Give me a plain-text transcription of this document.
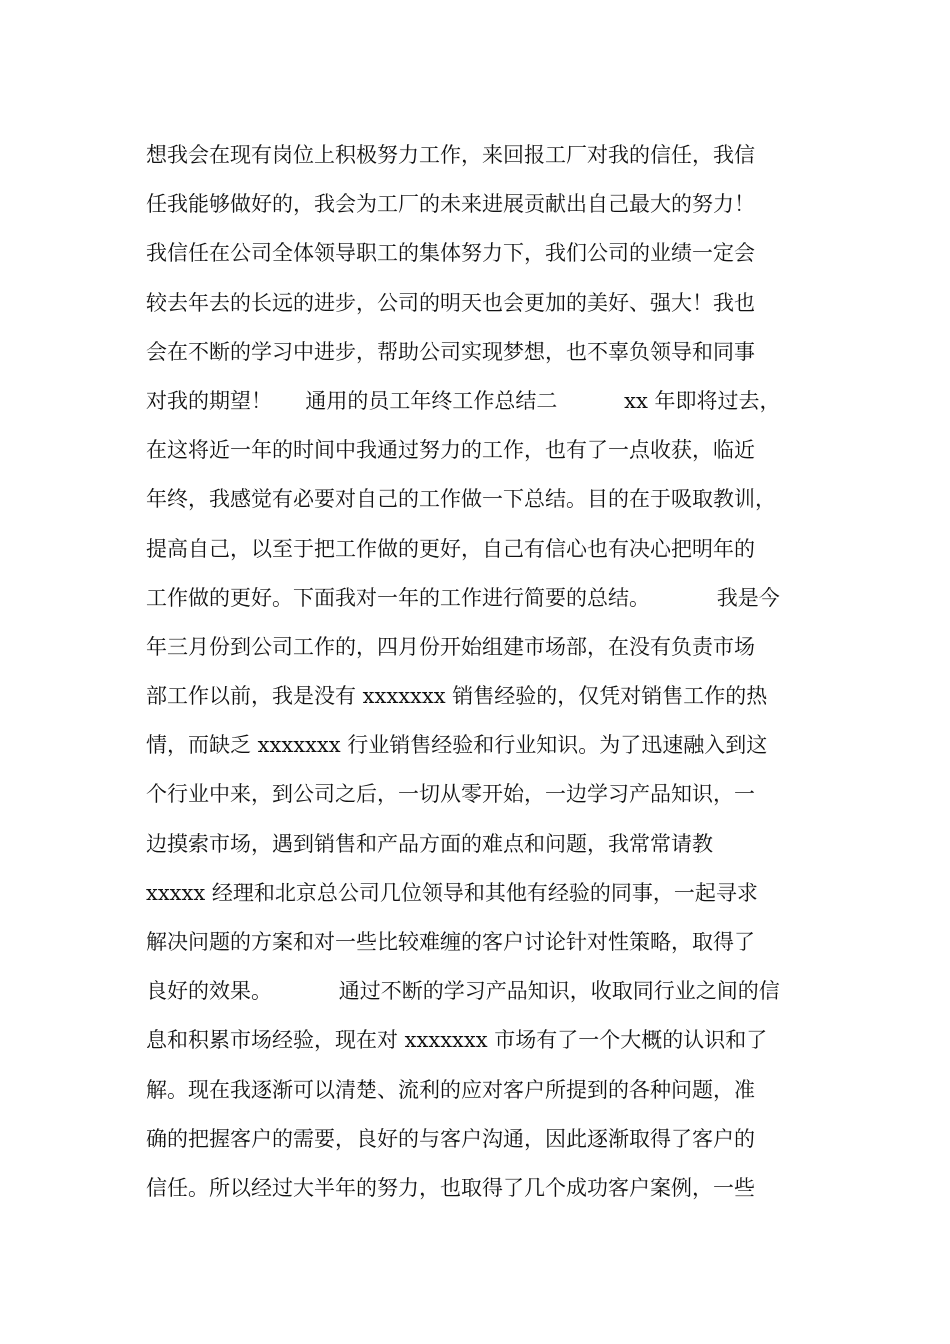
想我会在现有岗位上积极努力工作，来回报工厂对我的信任，我信
任我能够做好的，我会为工厂的未来进展贡献出自己最大的努力！
我信任在公司全体领导职工的集体努力下，我们公司的业绩一定会
较去年去的长远的进步，公司的明天也会更加的美好、强大！我也
会在不断的学习中进步，帮助公司实现梦想，也不辜负领导和同事
对我的期望！     通用的员工年终工作总结二          xx 年即将过去，
在这将近一年的时间中我通过努力的工作，也有了一点收获，临近
年终，我感觉有必要对自己的工作做一下总结。目的在于吸取教训，
提高自己，以至于把工作做的更好，自己有信心也有决心把明年的
工作做的更好。下面我对一年的工作进行简要的总结。          我是今
年三月份到公司工作的，四月份开始组建市场部，在没有负责市场
部工作以前，我是没有 xxxxxxx 销售经验的，仅凭对销售工作的热
情，而缺乏 xxxxxxx 行业销售经验和行业知识。为了迅速融入到这
个行业中来，到公司之后，一切从零开始，一边学习产品知识，一
边摸索市场，遇到销售和产品方面的难点和问题，我常常请教
xxxxx 经理和北京总公司几位领导和其他有经验的同事，一起寻求
解决问题的方案和对一些比较难缠的客户讨论针对性策略，取得了
良好的效果。          通过不断的学习产品知识，收取同行业之间的信
息和积累市场经验，现在对 xxxxxxx 市场有了一个大概的认识和了
解。现在我逐渐可以清楚、流利的应对客户所提到的各种问题，准
确的把握客户的需要，良好的与客户沟通，因此逐渐取得了客户的
信任。所以经过大半年的努力，也取得了几个成功客户案例，一些
